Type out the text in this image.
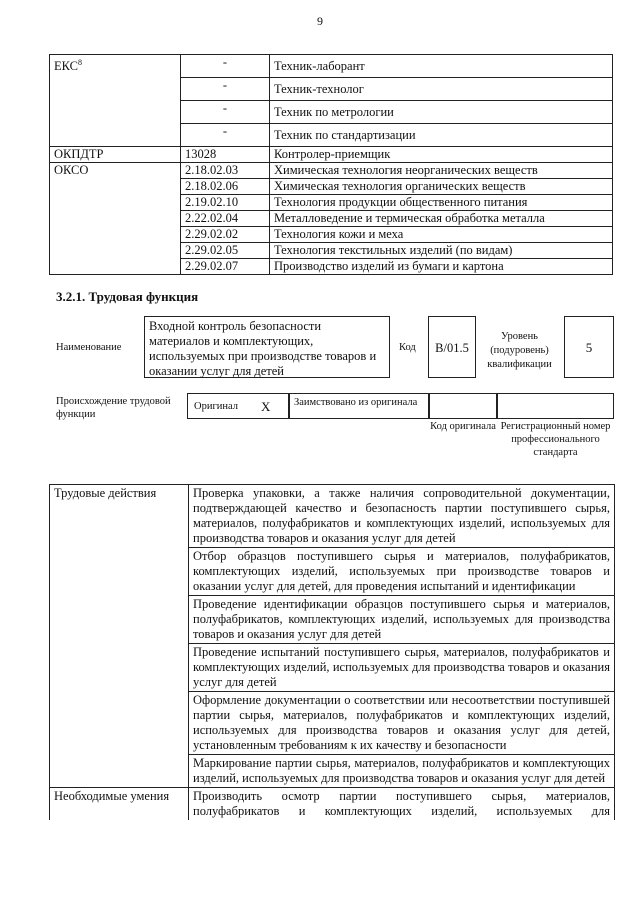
9
ЕКС$^8$	-	Техник-лаборант
	-	Техник-технолог
	-	Техник по метрологии
	-	Техник по стандартизации
ОКПДТР	13028	Контролер-приемщик
ОКСО	2.18.02.03	Химическая технология неорганических веществ
	2.18.02.06	Химическая технология органических веществ
	2.19.02.10	Технология продукции общественного питания
	2.22.02.04	Металловедение и термическая обработка металла
	2.29.02.02	Технология кожи и меха
	2.29.02.05	Технология текстильных изделий (по видам)
	2.29.02.07	Производство изделий из бумаги и картона
3.2.1. Трудовая функция
Наименование
Входной контроль безопасности материалов и комплектующих, используемых при производстве товаров и оказании услуг для детей
Код	B/01.5
Уровень (подуровень) квалификации
5
Происхождение трудовой функции
Оригинал X	Заимствовано из оригинала
Код оригинала Регистрационный номер профессионального стандарта
Трудовые действия	Проверка упаковки, а также наличия сопроводительной документации, подтверждающей качество и безопасность партии поступившего сырья, материалов, полуфабрикатов и комплектующих изделий, используемых для производства товаров и оказания услуг для детей
	Отбор образцов поступившего сырья и материалов, полуфабрикатов, комплектующих изделий, используемых при производстве товаров и оказании услуг для детей, для проведения испытаний и идентификации
	Проведение идентификации образцов поступившего сырья и материалов, полуфабрикатов, комплектующих изделий, используемых для производства товаров и оказания услуг для детей
	Проведение испытаний поступившего сырья, материалов, полуфабрикатов и комплектующих изделий, используемых для производства товаров и оказания услуг для детей
	Оформление документации о соответствии или несоответствии поступившей партии сырья, материалов, полуфабрикатов и комплектующих изделий, используемых для производства товаров и оказания услуг для детей, установленным требованиям к их качеству и безопасности
	Маркирование партии сырья, материалов, полуфабрикатов и комплектующих изделий, используемых для производства товаров и оказания услуг для детей
Необходимые умения	Производить осмотр партии поступившего сырья, материалов, полуфабрикатов и комплектующих изделий, используемых для
